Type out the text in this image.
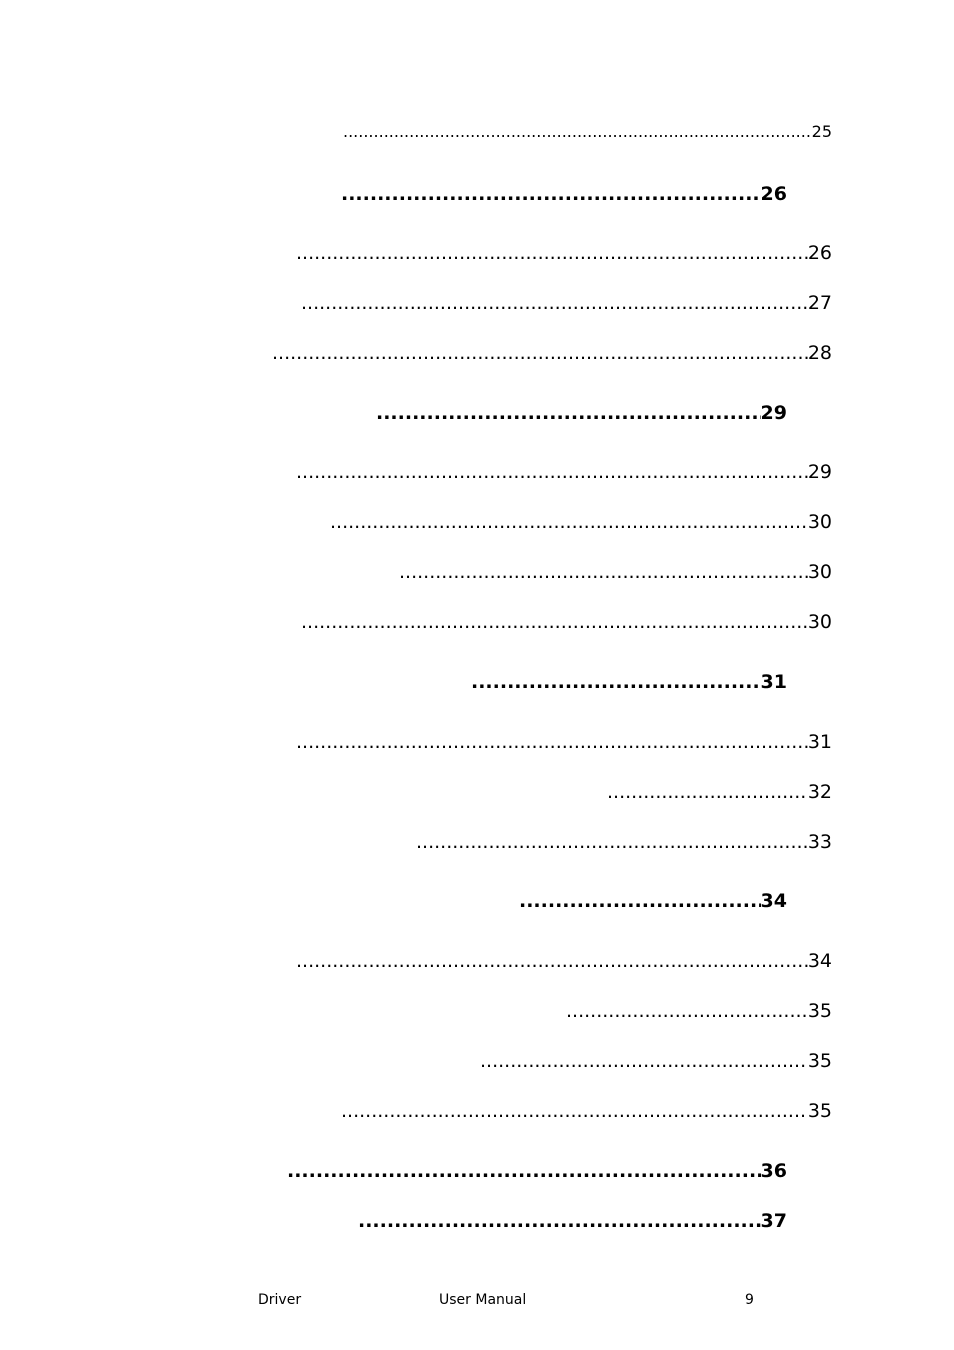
.....
25
.....
26
.....
26
.....
27
.....
28
.....
29
.....
29
.....
30
.....
30
.....
30
.....
31
.....
31
.....
32
.....
33
.....
34
.....
34
.....
35
.....
35
.....
35
.....
36
.....
37
Driver	User Manual	9
